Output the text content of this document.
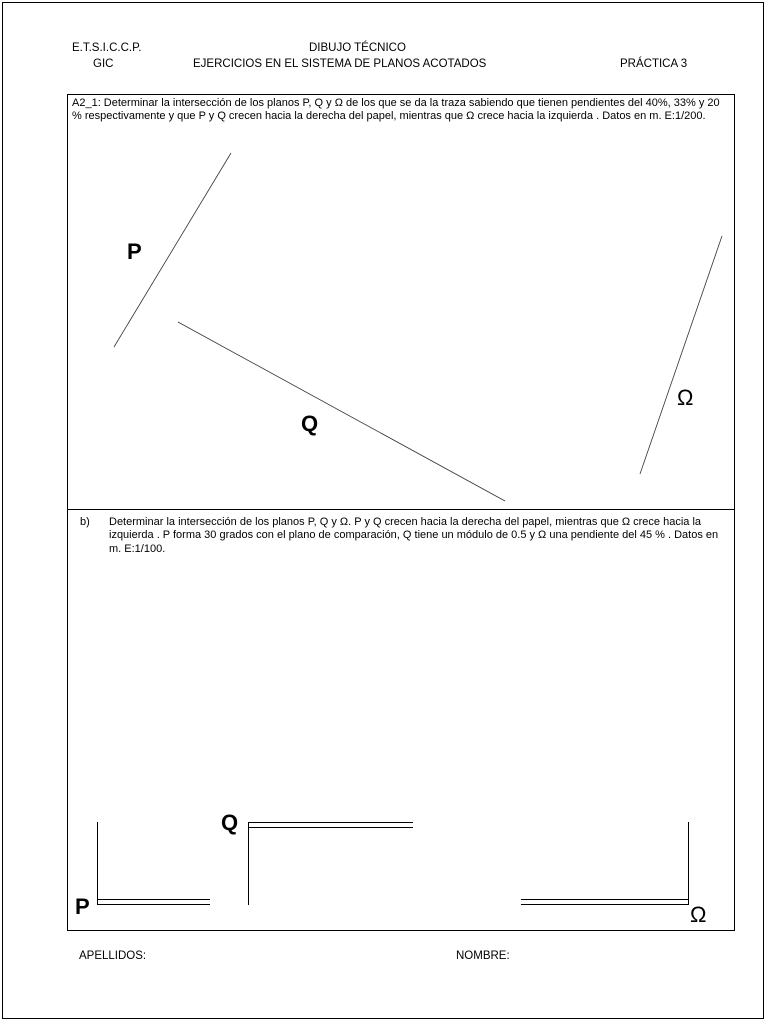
E.T.S.I.C.C.P.
GIC
DIBUJO TÉCNICO
EJERCICIOS EN EL SISTEMA DE PLANOS ACOTADOS	PRÁCTICA 3
A2_1: Determinar la intersección de los planos P, Q y Ω de los que se da la traza sabiendo que tienen pendientes del 40%, 33% y 20 % respectivamente y que P y Q crecen hacia la derecha del papel, mientras que Ω crece hacia la izquierda . Datos en m. E:1/200.
b) Determinar la intersección de los planos P, Q y Ω. P y Q crecen hacia la derecha del papel, mientras que Ω crece hacia la izquierda . P forma 30 grados con el plano de comparación, Q tiene un módulo de 0.5 y Ω una pendiente del 45 % . Datos en m. E:1/100.
P
Q
Ω
P
Q
Ω
APELLIDOS:	NOMBRE:
